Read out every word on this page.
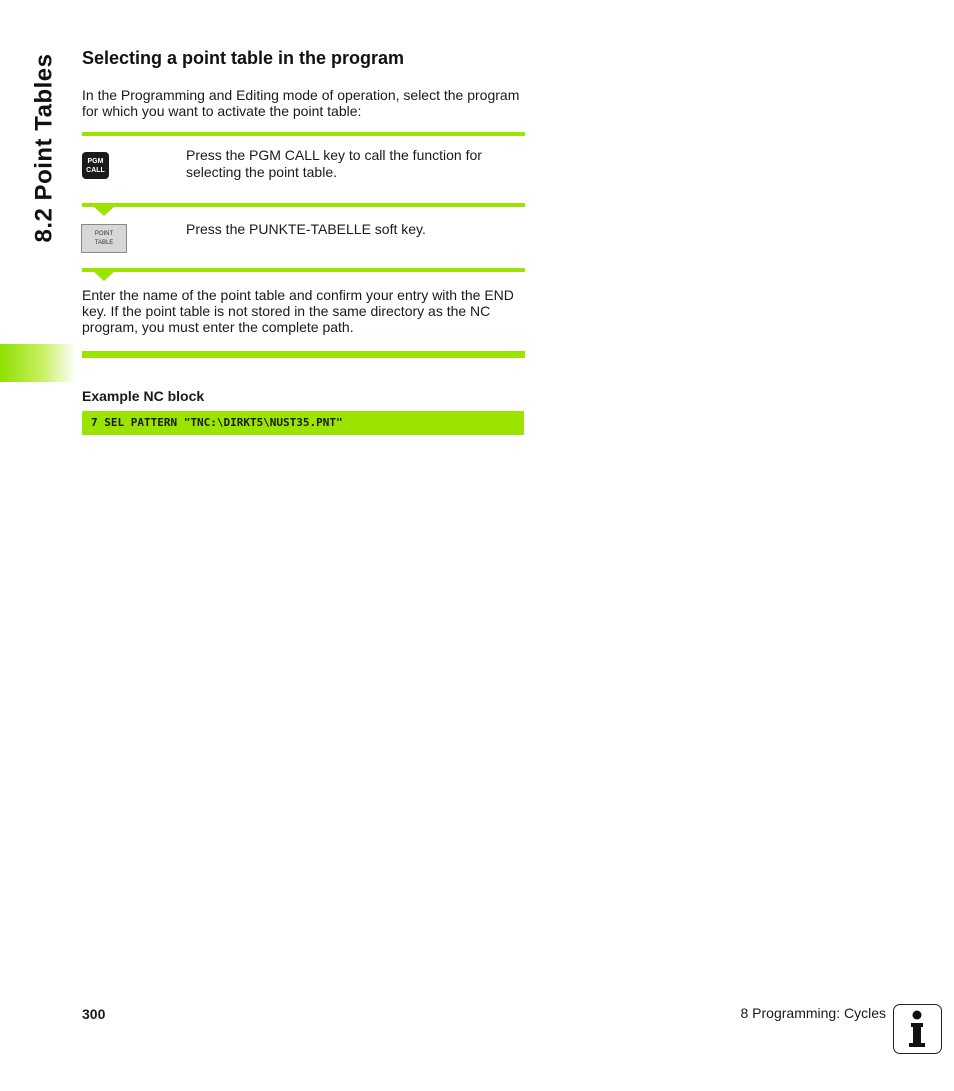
8.2 Point Tables Selecting a point table in the program

In the Programming and Editing mode of operation, select the program for which you want to activate the point table:

PGM
CALL

Press the PGM CALL key to call the function for selecting the point table.

POINT
TABLE

Press the PUNKTE-TABELLE soft key.

Enter the name of the point table and confirm your entry with the END key. If the point table is not stored in the same directory as the NC program, you must enter the complete path.

Example NC block

7 SEL PATTERN "TNC:\DIRKT5\NUST35.PNT"
300	8 Programming: Cycles
